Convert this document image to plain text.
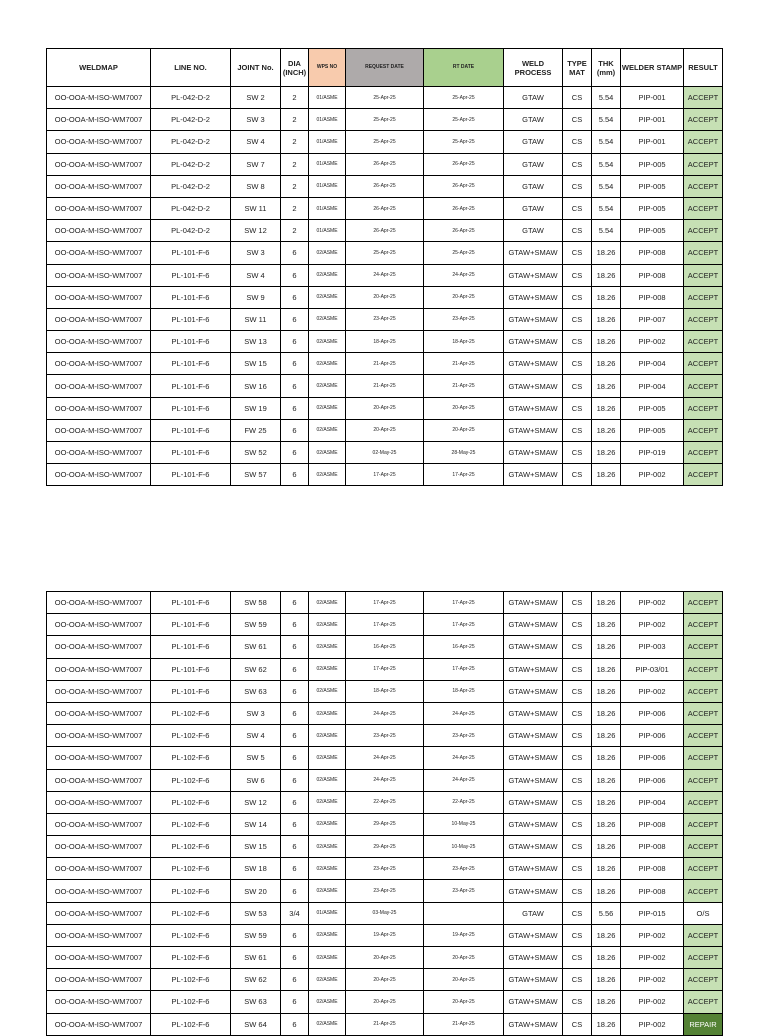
WELDMAP	LINE NO.	JOINT No.	DIA (INCH)	WPS NO	REQUEST DATE	RT DATE	WELD PROCESS	TYPE MAT	THK (mm)	WELDER STAMP	RESULT
OO-OOA-M-ISO-WM7007	PL-042-D-2	SW 2	2	01/ASME	25-Apr-25	25-Apr-25	GTAW	CS	5.54	PIP-001	ACCEPT
OO-OOA-M-ISO-WM7007	PL-042-D-2	SW 3	2	01/ASME	25-Apr-25	25-Apr-25	GTAW	CS	5.54	PIP-001	ACCEPT
OO-OOA-M-ISO-WM7007	PL-042-D-2	SW 4	2	01/ASME	25-Apr-25	25-Apr-25	GTAW	CS	5.54	PIP-001	ACCEPT
OO-OOA-M-ISO-WM7007	PL-042-D-2	SW 7	2	01/ASME	26-Apr-25	26-Apr-25	GTAW	CS	5.54	PIP-005	ACCEPT
OO-OOA-M-ISO-WM7007	PL-042-D-2	SW 8	2	01/ASME	26-Apr-25	26-Apr-25	GTAW	CS	5.54	PIP-005	ACCEPT
OO-OOA-M-ISO-WM7007	PL-042-D-2	SW 11	2	01/ASME	26-Apr-25	26-Apr-25	GTAW	CS	5.54	PIP-005	ACCEPT
OO-OOA-M-ISO-WM7007	PL-042-D-2	SW 12	2	01/ASME	26-Apr-25	26-Apr-25	GTAW	CS	5.54	PIP-005	ACCEPT
OO-OOA-M-ISO-WM7007	PL-101-F-6	SW 3	6	02/ASME	25-Apr-25	25-Apr-25	GTAW+SMAW	CS	18.26	PIP-008	ACCEPT
OO-OOA-M-ISO-WM7007	PL-101-F-6	SW 4	6	02/ASME	24-Apr-25	24-Apr-25	GTAW+SMAW	CS	18.26	PIP-008	ACCEPT
OO-OOA-M-ISO-WM7007	PL-101-F-6	SW 9	6	02/ASME	20-Apr-25	20-Apr-25	GTAW+SMAW	CS	18.26	PIP-008	ACCEPT
OO-OOA-M-ISO-WM7007	PL-101-F-6	SW 11	6	02/ASME	23-Apr-25	23-Apr-25	GTAW+SMAW	CS	18.26	PIP-007	ACCEPT
OO-OOA-M-ISO-WM7007	PL-101-F-6	SW 13	6	02/ASME	18-Apr-25	18-Apr-25	GTAW+SMAW	CS	18.26	PIP-002	ACCEPT
OO-OOA-M-ISO-WM7007	PL-101-F-6	SW 15	6	02/ASME	21-Apr-25	21-Apr-25	GTAW+SMAW	CS	18.26	PIP-004	ACCEPT
OO-OOA-M-ISO-WM7007	PL-101-F-6	SW 16	6	02/ASME	21-Apr-25	21-Apr-25	GTAW+SMAW	CS	18.26	PIP-004	ACCEPT
OO-OOA-M-ISO-WM7007	PL-101-F-6	SW 19	6	02/ASME	20-Apr-25	20-Apr-25	GTAW+SMAW	CS	18.26	PIP-005	ACCEPT
OO-OOA-M-ISO-WM7007	PL-101-F-6	FW 25	6	02/ASME	20-Apr-25	20-Apr-25	GTAW+SMAW	CS	18.26	PIP-005	ACCEPT
OO-OOA-M-ISO-WM7007	PL-101-F-6	SW 52	6	02/ASME	02-May-25	28-May-25	GTAW+SMAW	CS	18.26	PIP-019	ACCEPT
OO-OOA-M-ISO-WM7007	PL-101-F-6	SW 57	6	02/ASME	17-Apr-25	17-Apr-25	GTAW+SMAW	CS	18.26	PIP-002	ACCEPT
OO-OOA-M-ISO-WM7007	PL-101-F-6	SW 58	6	02/ASME	17-Apr-25	17-Apr-25	GTAW+SMAW	CS	18.26	PIP-002	ACCEPT
OO-OOA-M-ISO-WM7007	PL-101-F-6	SW 59	6	02/ASME	17-Apr-25	17-Apr-25	GTAW+SMAW	CS	18.26	PIP-002	ACCEPT
OO-OOA-M-ISO-WM7007	PL-101-F-6	SW 61	6	02/ASME	16-Apr-25	16-Apr-25	GTAW+SMAW	CS	18.26	PIP-003	ACCEPT
OO-OOA-M-ISO-WM7007	PL-101-F-6	SW 62	6	02/ASME	17-Apr-25	17-Apr-25	GTAW+SMAW	CS	18.26	PIP-03/01	ACCEPT
OO-OOA-M-ISO-WM7007	PL-101-F-6	SW 63	6	02/ASME	18-Apr-25	18-Apr-25	GTAW+SMAW	CS	18.26	PIP-002	ACCEPT
OO-OOA-M-ISO-WM7007	PL-102-F-6	SW 3	6	02/ASME	24-Apr-25	24-Apr-25	GTAW+SMAW	CS	18.26	PIP-006	ACCEPT
OO-OOA-M-ISO-WM7007	PL-102-F-6	SW 4	6	02/ASME	23-Apr-25	23-Apr-25	GTAW+SMAW	CS	18.26	PIP-006	ACCEPT
OO-OOA-M-ISO-WM7007	PL-102-F-6	SW 5	6	02/ASME	24-Apr-25	24-Apr-25	GTAW+SMAW	CS	18.26	PIP-006	ACCEPT
OO-OOA-M-ISO-WM7007	PL-102-F-6	SW 6	6	02/ASME	24-Apr-25	24-Apr-25	GTAW+SMAW	CS	18.26	PIP-006	ACCEPT
OO-OOA-M-ISO-WM7007	PL-102-F-6	SW 12	6	02/ASME	22-Apr-25	22-Apr-25	GTAW+SMAW	CS	18.26	PIP-004	ACCEPT
OO-OOA-M-ISO-WM7007	PL-102-F-6	SW 14	6	02/ASME	29-Apr-25	10-May-25	GTAW+SMAW	CS	18.26	PIP-008	ACCEPT
OO-OOA-M-ISO-WM7007	PL-102-F-6	SW 15	6	02/ASME	29-Apr-25	10-May-25	GTAW+SMAW	CS	18.26	PIP-008	ACCEPT
OO-OOA-M-ISO-WM7007	PL-102-F-6	SW 18	6	02/ASME	23-Apr-25	23-Apr-25	GTAW+SMAW	CS	18.26	PIP-008	ACCEPT
OO-OOA-M-ISO-WM7007	PL-102-F-6	SW 20	6	02/ASME	23-Apr-25	23-Apr-25	GTAW+SMAW	CS	18.26	PIP-008	ACCEPT
OO-OOA-M-ISO-WM7007	PL-102-F-6	SW 53	3/4	01/ASME	03-May-25		GTAW	CS	5.56	PIP-015	O/S
OO-OOA-M-ISO-WM7007	PL-102-F-6	SW 59	6	02/ASME	19-Apr-25	19-Apr-25	GTAW+SMAW	CS	18.26	PIP-002	ACCEPT
OO-OOA-M-ISO-WM7007	PL-102-F-6	SW 61	6	02/ASME	20-Apr-25	20-Apr-25	GTAW+SMAW	CS	18.26	PIP-002	ACCEPT
OO-OOA-M-ISO-WM7007	PL-102-F-6	SW 62	6	02/ASME	20-Apr-25	20-Apr-25	GTAW+SMAW	CS	18.26	PIP-002	ACCEPT
OO-OOA-M-ISO-WM7007	PL-102-F-6	SW 63	6	02/ASME	20-Apr-25	20-Apr-25	GTAW+SMAW	CS	18.26	PIP-002	ACCEPT
OO-OOA-M-ISO-WM7007	PL-102-F-6	SW 64	6	02/ASME	21-Apr-25	21-Apr-25	GTAW+SMAW	CS	18.26	PIP-002	REPAIR
